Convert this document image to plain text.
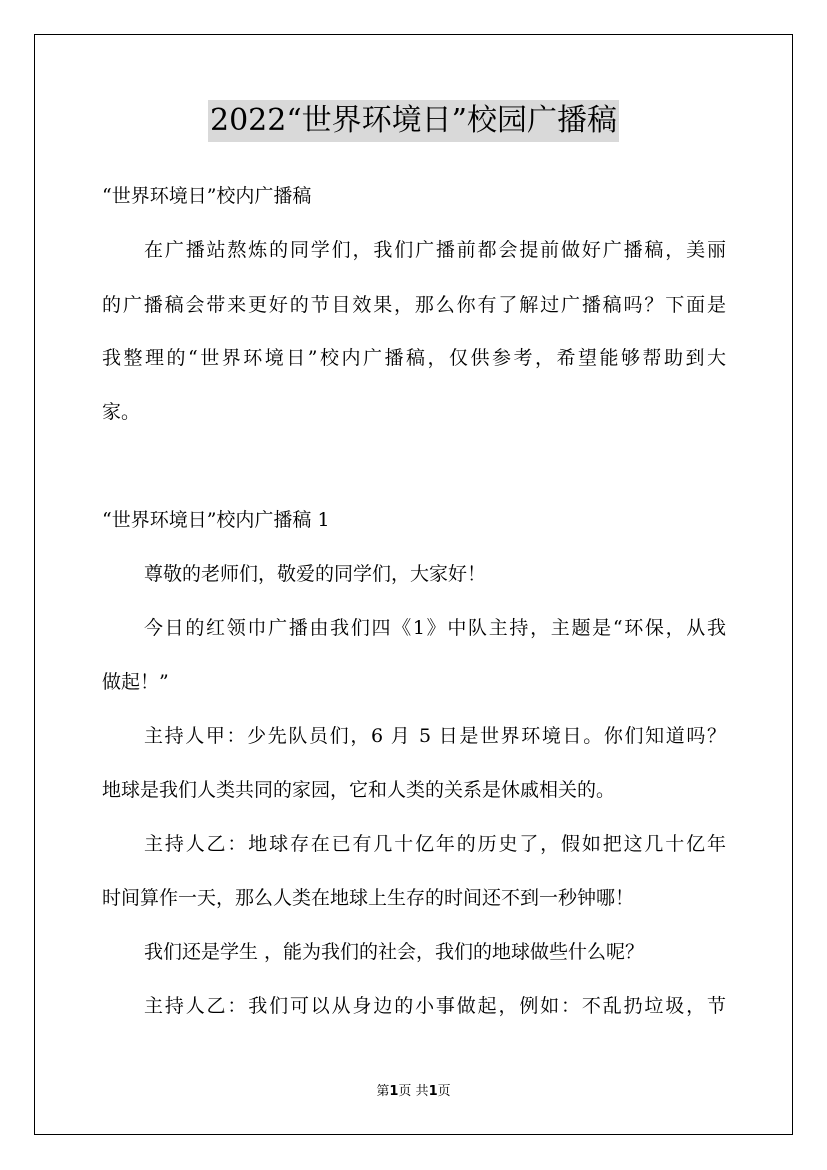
2022“世界环境日”校园广播稿

“世界环境日”校内广播稿

在广播站熬炼的同学们，我们广播前都会提前做好广播稿，美丽

的广播稿会带来更好的节目效果，那么你有了解过广播稿吗？下面是

我整理的“世界环境日”校内广播稿，仅供参考，希望能够帮助到大

家。

“世界环境日”校内广播稿 1

尊敬的老师们，敬爱的同学们，大家好！

今日的红领巾广播由我们四《1》中队主持，主题是“环保，从我

做起！”

主持人甲：少先队员们，6 月 5 日是世界环境日。你们知道吗？

地球是我们人类共同的家园，它和人类的关系是休戚相关的。

主持人乙：地球存在已有几十亿年的历史了，假如把这几十亿年

时间算作一天，那么人类在地球上生存的时间还不到一秒钟哪！

我们还是学生 ，能为我们的社会，我们的地球做些什么呢？

主持人乙：我们可以从身边的小事做起，例如：不乱扔垃圾，节

第1页 共1页
